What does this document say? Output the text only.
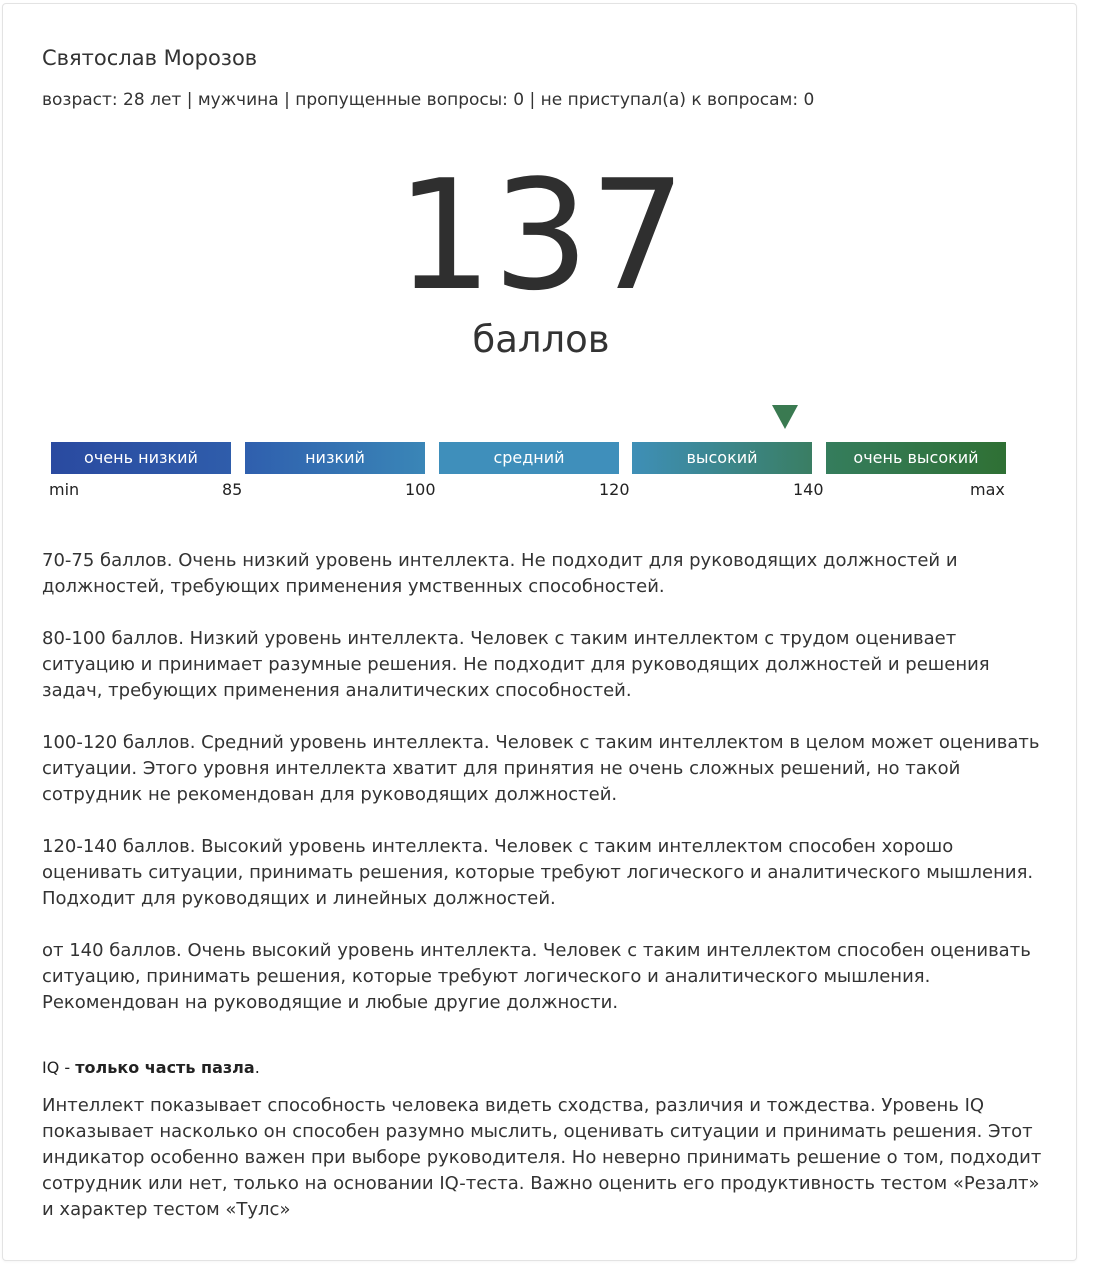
Святослав Морозов
возраст: 28 лет | мужчина | пропущенные вопросы: 0 | не приступал(а) к вопросам: 0
137
баллов
очень низкий	низкий	средний	высокий	очень высокий
min	85	100	120	140	max

70-75 баллов. Очень низкий уровень интеллекта. Не подходит для руководящих должностей и должностей, требующих применения умственных способностей.

80-100 баллов. Низкий уровень интеллекта. Человек с таким интеллектом с трудом оценивает ситуацию и принимает разумные решения. Не подходит для руководящих должностей и решения задач, требующих применения аналитических способностей.

100-120 баллов. Средний уровень интеллекта. Человек с таким интеллектом в целом может оценивать ситуации. Этого уровня интеллекта хватит для принятия не очень сложных решений, но такой сотрудник не рекомендован для руководящих должностей.

120-140 баллов. Высокий уровень интеллекта. Человек с таким интеллектом способен хорошо оценивать ситуации, принимать решения, которые требуют логического и аналитического мышления. Подходит для руководящих и линейных должностей.

от 140 баллов. Очень высокий уровень интеллекта. Человек с таким интеллектом способен оценивать ситуацию, принимать решения, которые требуют логического и аналитического мышления. Рекомендован на руководящие и любые другие должности.

IQ - только часть пазла.
Интеллект показывает способность человека видеть сходства, различия и тождества. Уровень IQ показывает насколько он способен разумно мыслить, оценивать ситуации и принимать решения. Этот индикатор особенно важен при выборе руководителя. Но неверно принимать решение о том, подходит сотрудник или нет, только на основании IQ-теста. Важно оценить его продуктивность тестом «Резалт» и характер тестом «Тулс»
